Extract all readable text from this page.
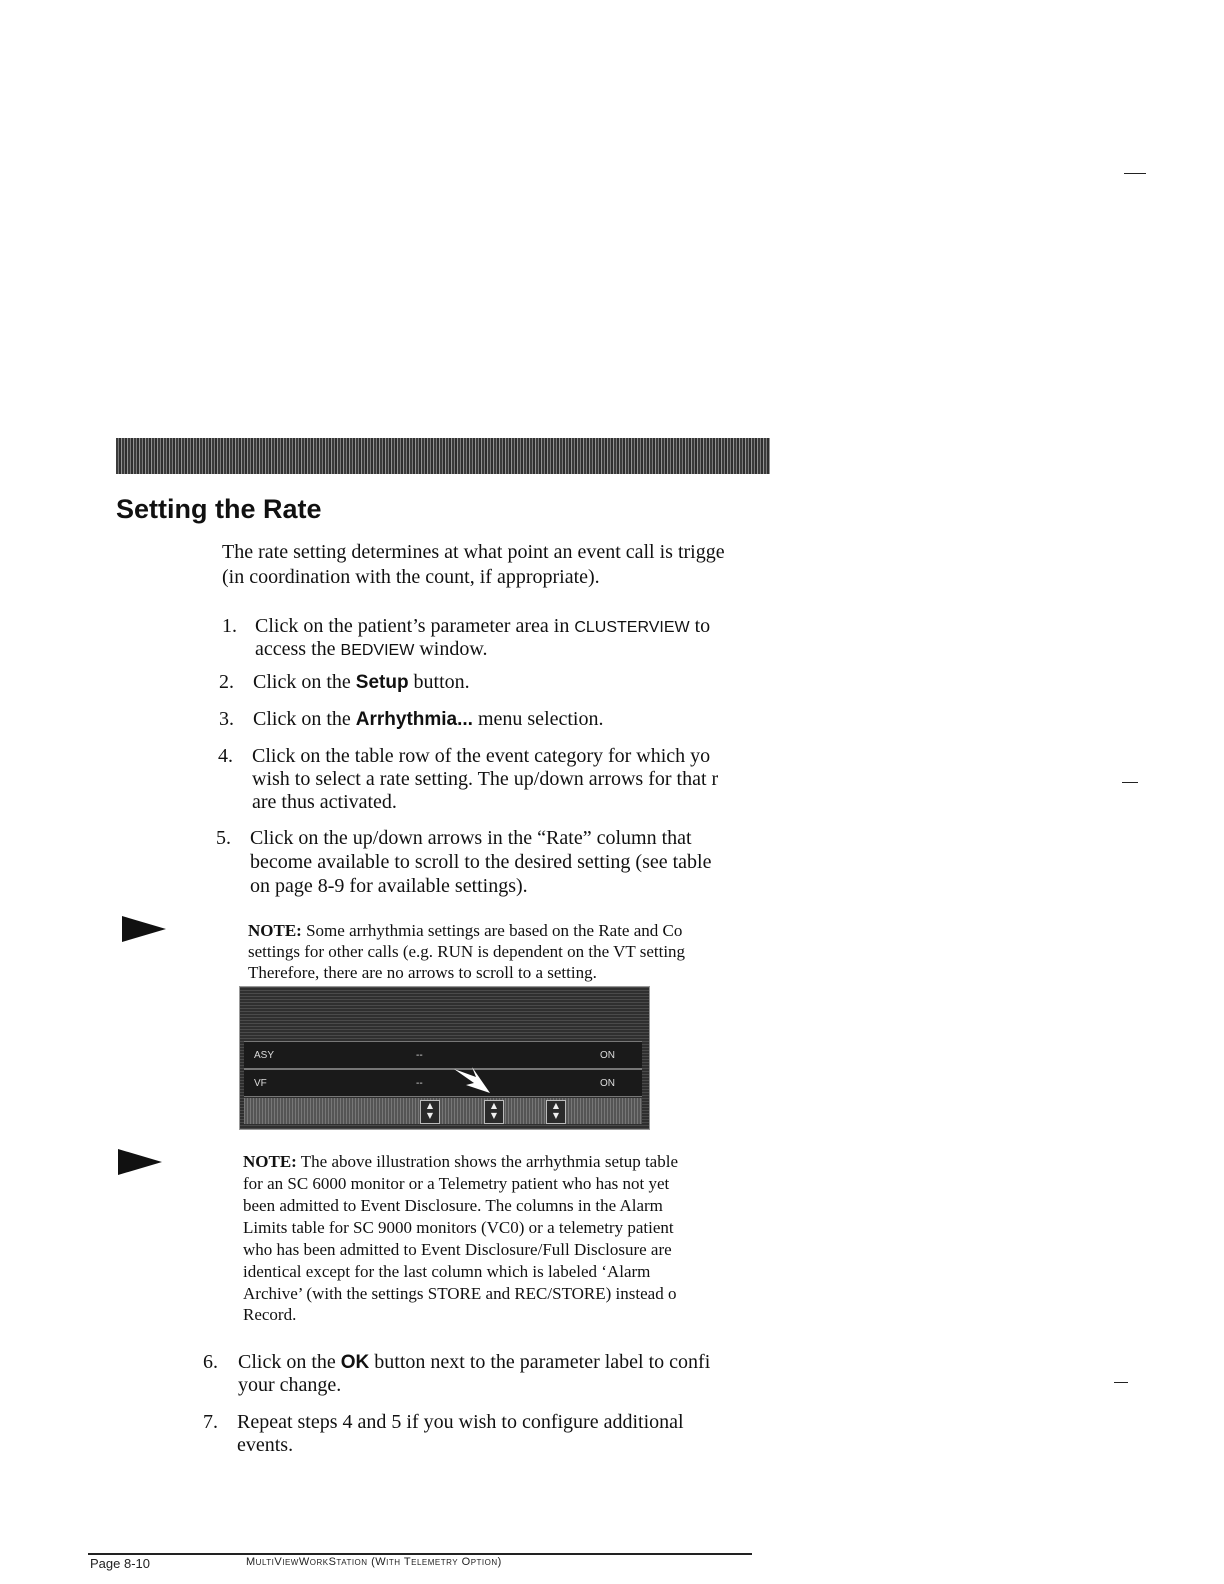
Setting the Rate
The rate setting determines at what point an event call is trigge
(in coordination with the count, if appropriate).
1. Click on the patient’s parameter area in CLUSTERVIEW to
access the BEDVIEW window.
2. Click on the Setup button.
3. Click on the Arrhythmia... menu selection.
4. Click on the table row of the event category for which yo
wish to select a rate setting. The up/down arrows for that r
are thus activated.
5. Click on the up/down arrows in the “Rate” column that
become available to scroll to the desired setting (see table
on page 8-9 for available settings).
NOTE: Some arrhythmia settings are based on the Rate and Co
settings for other calls (e.g. RUN is dependent on the VT setting
Therefore, there are no arrows to scroll to a setting.
ASY	--	ON
VF	--	ON
▲
▼
▲
▼
▲
▼
NOTE: The above illustration shows the arrhythmia setup table
for an SC 6000 monitor or a Telemetry patient who has not yet
been admitted to Event Disclosure. The columns in the Alarm
Limits table for SC 9000 monitors (VC0) or a telemetry patient
who has been admitted to Event Disclosure/Full Disclosure are
identical except for the last column which is labeled ‘Alarm
Archive’ (with the settings STORE and REC/STORE) instead o
Record.
6. Click on the OK button next to the parameter label to confi
your change.
7. Repeat steps 4 and 5 if you wish to configure additional
events.
Page 8-10	MultiViewWorkStation (With Telemetry Option)
